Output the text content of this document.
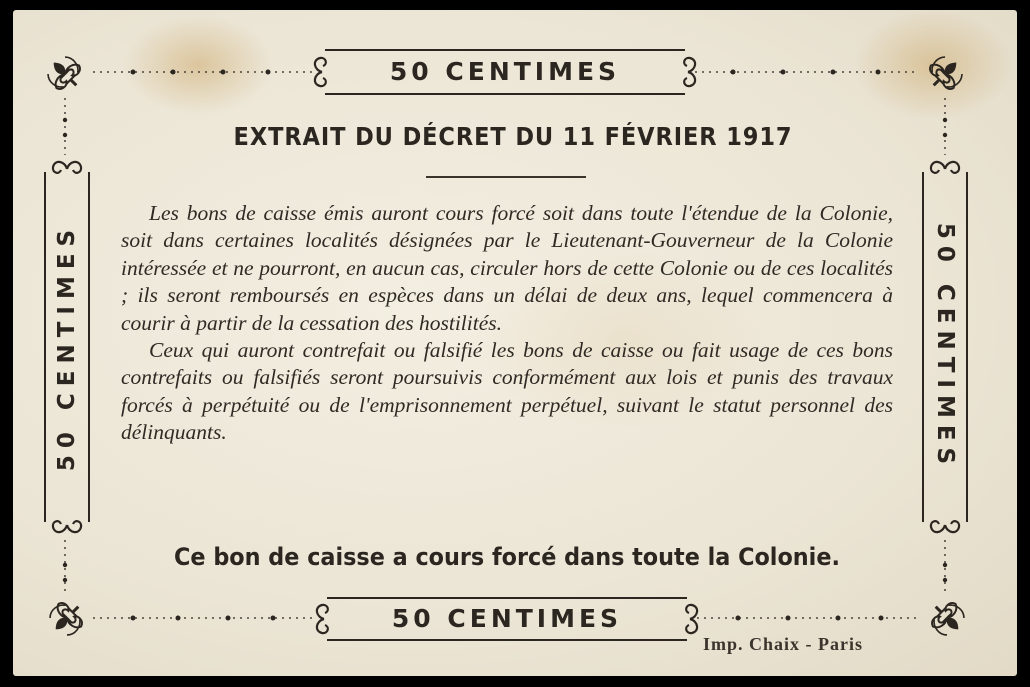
50 CENTIMES
50 CENTIMES
50 CENTIMES	50 CENTIMES
EXTRAIT DU DÉCRET DU 11 FÉVRIER 1917

Les bons de caisse émis auront cours forcé soit dans toute l'étendue de la Colonie, soit dans certaines localités désignées par le Lieutenant-Gouverneur de la Colonie intéressée et ne pourront, en aucun cas, circuler hors de cette Colonie ou de ces localités ; ils seront remboursés en espèces dans un délai de deux ans, lequel commencera à courir à partir de la cessation des hostilités.

Ceux qui auront contrefait ou falsifié les bons de caisse ou fait usage de ces bons contrefaits ou falsifiés seront poursuivis conformément aux lois et punis des travaux forcés à perpétuité ou de l'emprisonnement perpétuel, suivant le statut personnel des délinquants.

Ce bon de caisse a cours forcé dans toute la Colonie.
Imp. Chaix - Paris
